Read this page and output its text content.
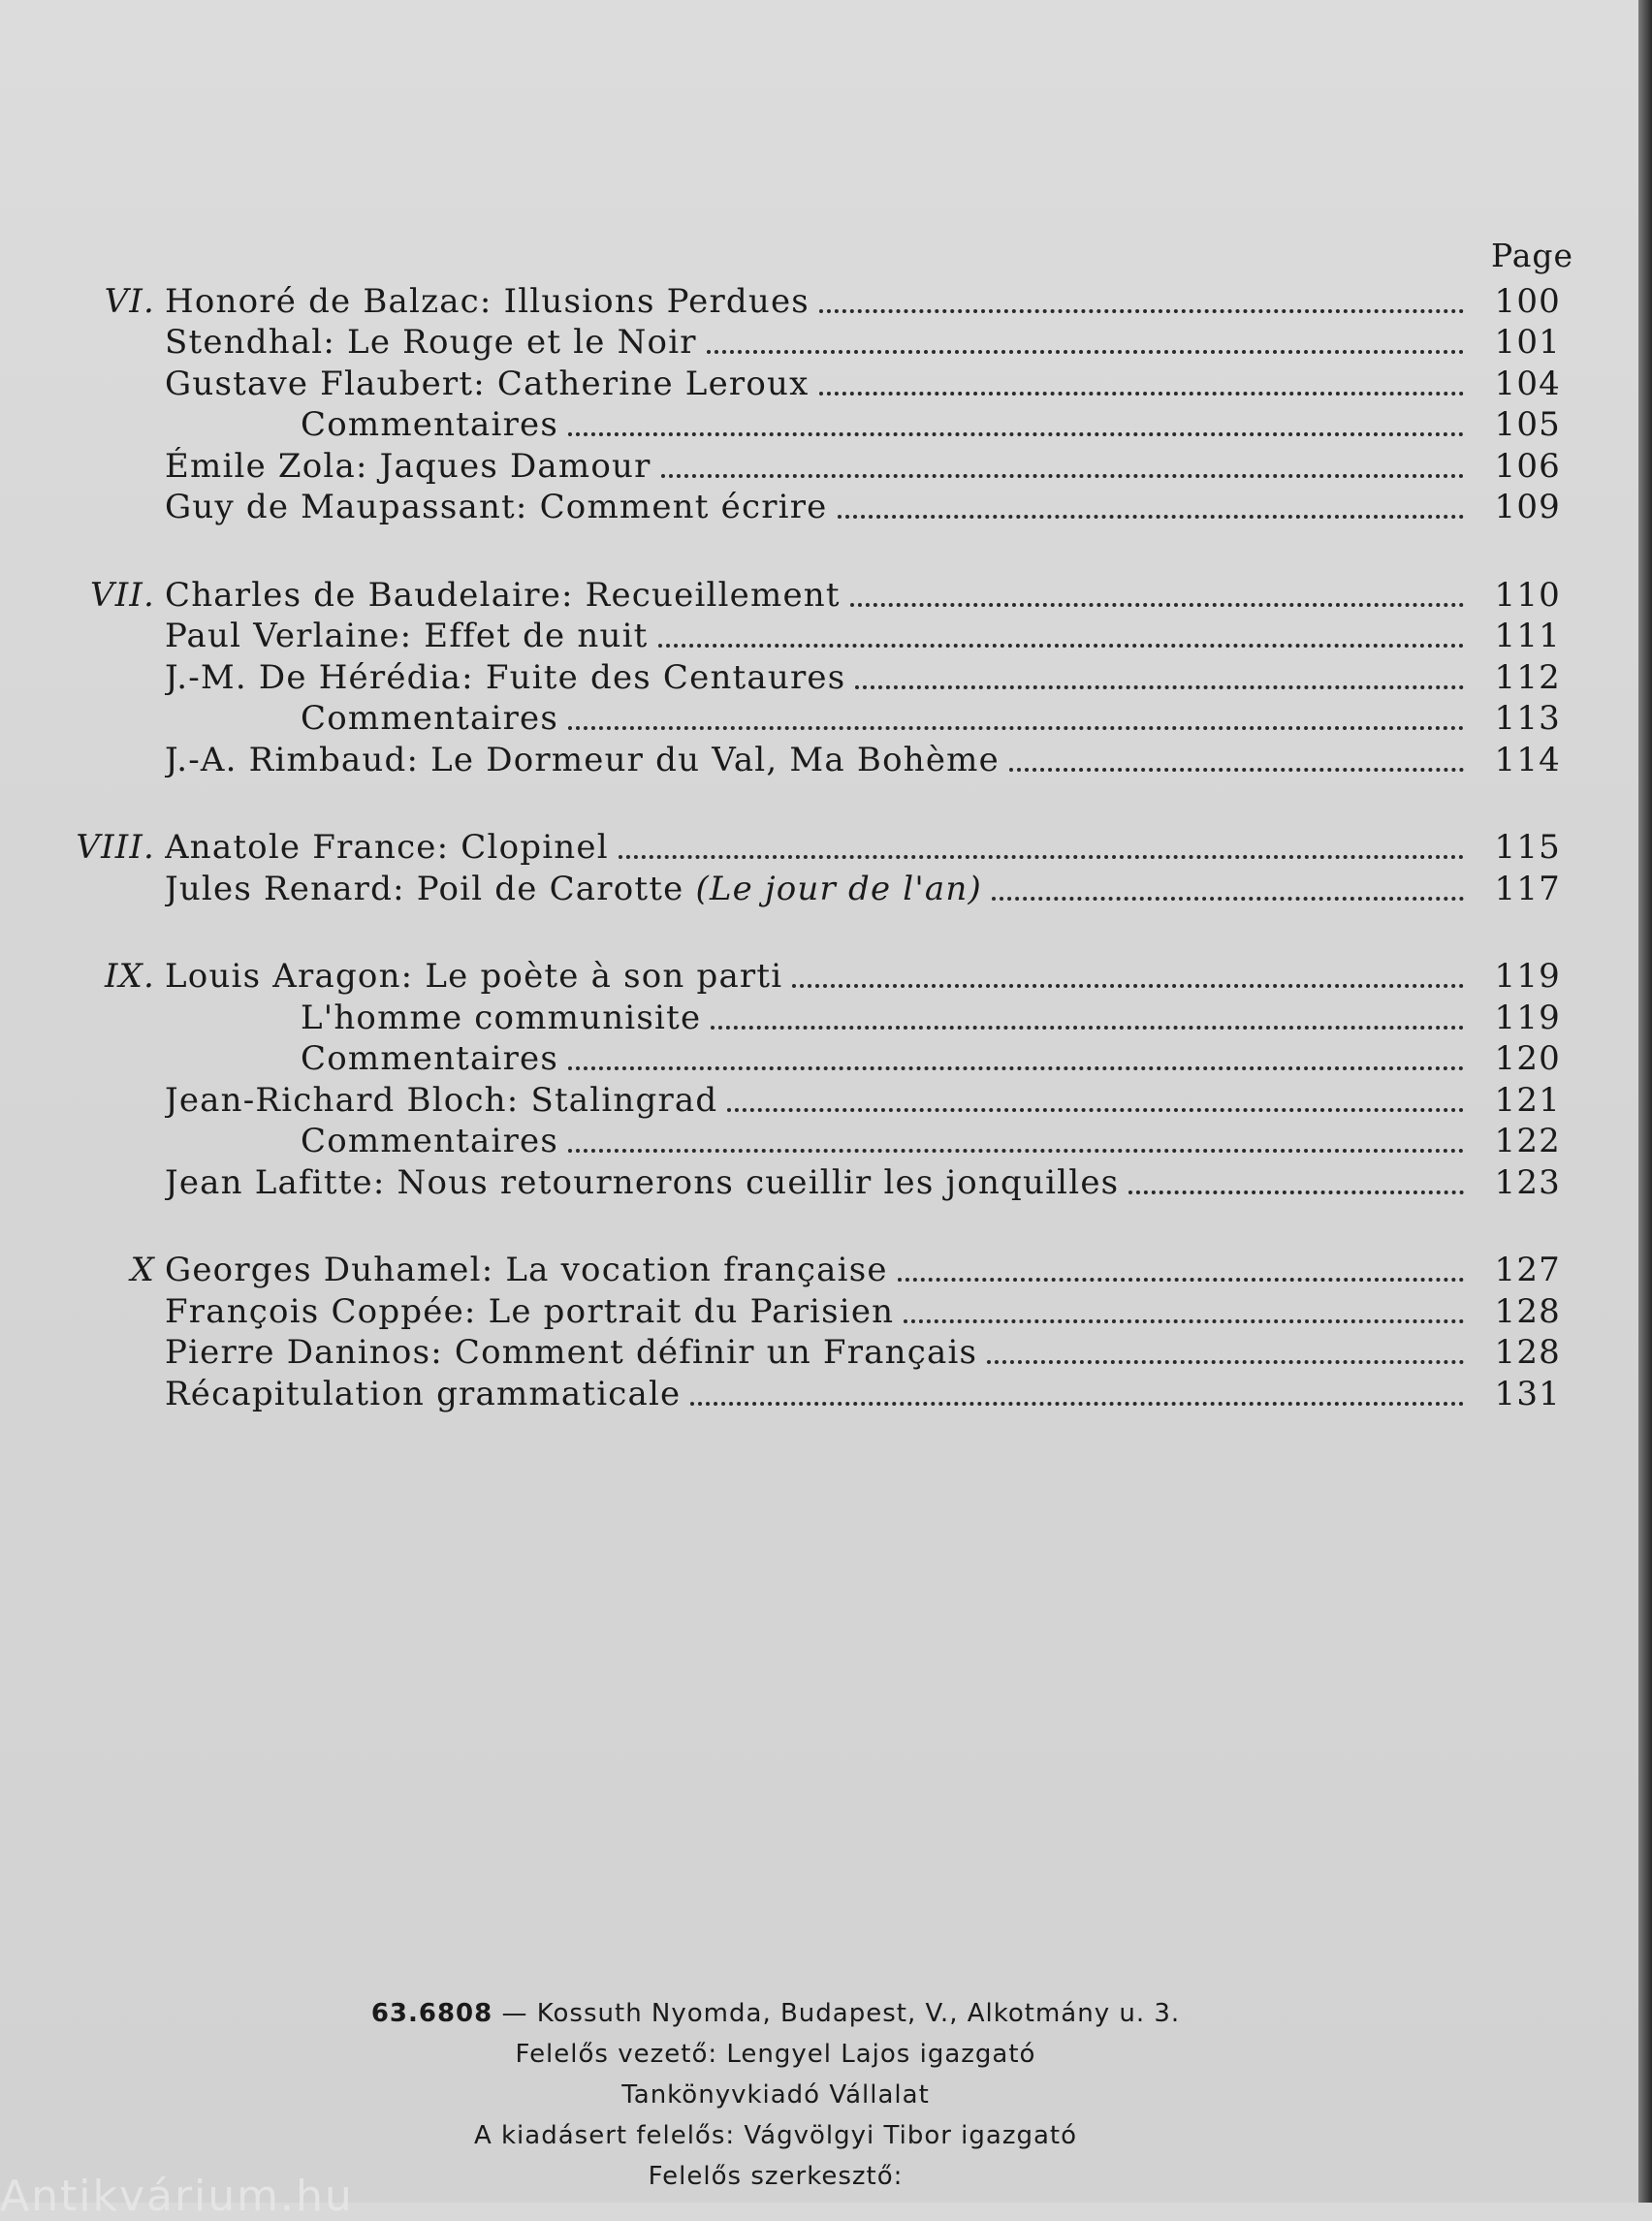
Page
VI. Honoré de Balzac: Illusions Perdues	100
Stendhal: Le Rouge et le Noir	101
Gustave Flaubert: Catherine Leroux	104
Commentaires	105
Émile Zola: Jaques Damour	106
Guy de Maupassant: Comment écrire	109
VII. Charles de Baudelaire: Recueillement	110
Paul Verlaine: Effet de nuit	111
J.-M. De Hérédia: Fuite des Centaures	112
Commentaires	113
J.-A. Rimbaud: Le Dormeur du Val, Ma Bohème	114
VIII. Anatole France: Clopinel	115
Jules Renard: Poil de Carotte (Le jour de l'an)	117
IX. Louis Aragon: Le poète à son parti	119
L'homme communisite	119
Commentaires	120
Jean-Richard Bloch: Stalingrad	121
Commentaires	122
Jean Lafitte: Nous retournerons cueillir les jonquilles	123
X Georges Duhamel: La vocation française	127
François Coppée: Le portrait du Parisien	128
Pierre Daninos: Comment définir un Français	128
Récapitulation grammaticale	131
63.6808 — Kossuth Nyomda, Budapest, V., Alkotmány u. 3.
Felelős vezető: Lengyel Lajos igazgató
Tankönyvkiadó Vállalat
A kiadásert felelős: Vágvölgyi Tibor igazgató
Felelős szerkesztő:
Antikvárium.hu
